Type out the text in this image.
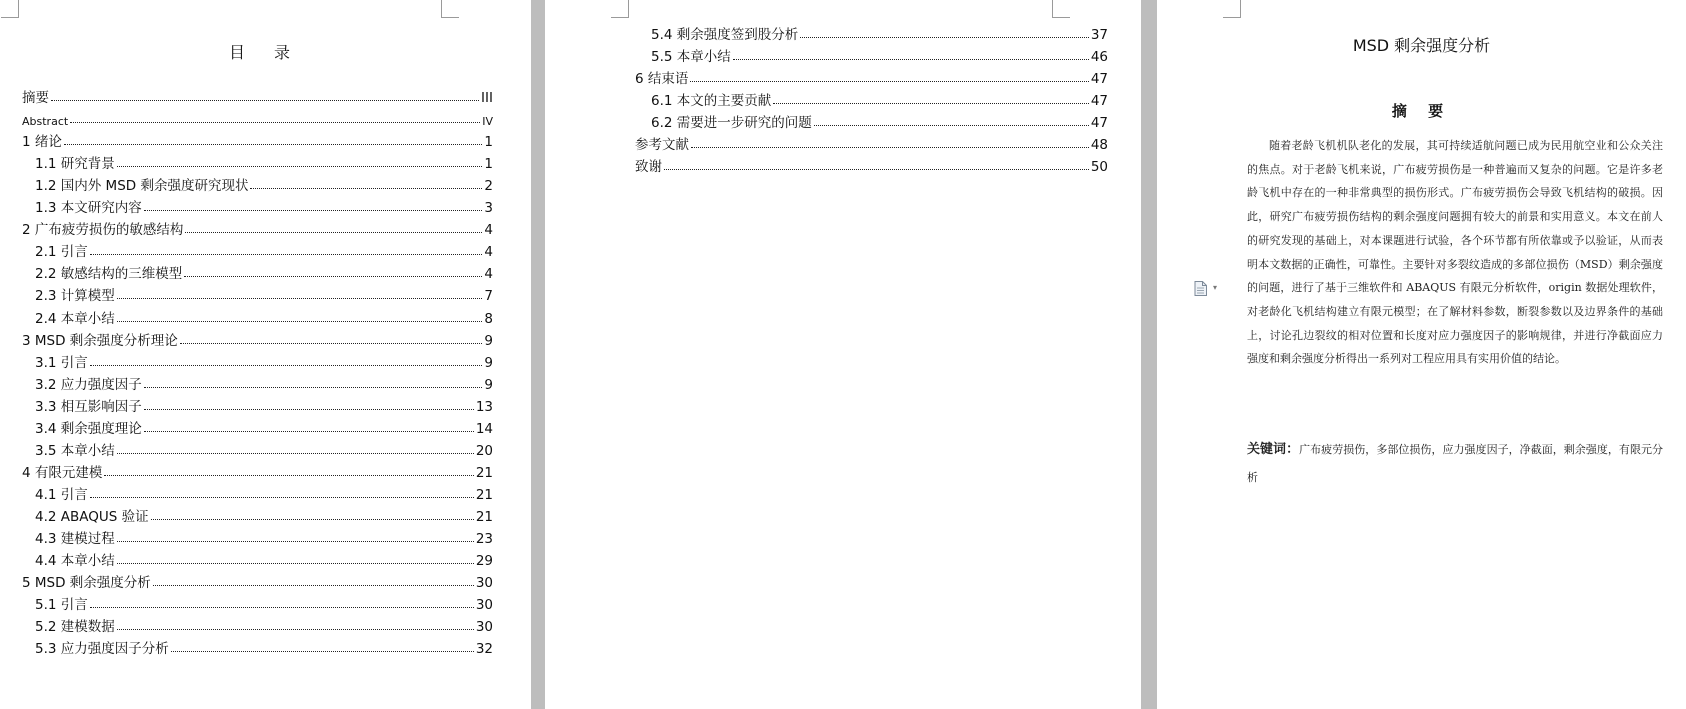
目 录
摘要	III
Abstract	IV
1 绪论	1
1.1 研究背景	1
1.2 国内外 MSD 剩余强度研究现状	2
1.3 本文研究内容	3
2 广布疲劳损伤的敏感结构	4
2.1 引言	4
2.2 敏感结构的三维模型	4
2.3 计算模型	7
2.4 本章小结	8
3 MSD 剩余强度分析理论	9
3.1 引言	9
3.2 应力强度因子	9
3.3 相互影响因子	13
3.4 剩余强度理论	14
3.5 本章小结	20
4 有限元建模	21
4.1 引言	21
4.2 ABAQUS 验证	21
4.3 建模过程	23
4.4 本章小结	29
5 MSD 剩余强度分析	30
5.1 引言	30
5.2 建模数据	30
5.3 应力强度因子分析	32
5.4 剩余强度签到股分析	37
5.5 本章小结	46
6 结束语	47
6.1 本文的主要贡献	47
6.2 需要进一步研究的问题	47
参考文献	48
致谢	50
MSD 剩余强度分析
摘 要
随着老龄飞机机队老化的发展，其可持续适航问题已成为民用航空业和公众关注的焦点。对于老龄飞机来说，广布疲劳损伤是一种普遍而又复杂的问题。它是许多老龄飞机中存在的一种非常典型的损伤形式。广布疲劳损伤会导致飞机结构的破损。因此，研究广布疲劳损伤结构的剩余强度问题拥有较大的前景和实用意义。本文在前人的研究发现的基础上，对本课题进行试验，各个环节都有所依靠或予以验证，从而表明本文数据的正确性，可靠性。主要针对多裂纹造成的多部位损伤（MSD）剩余强度的问题，进行了基于三维软件和 ABAQUS 有限元分析软件，origin 数据处理软件，对老龄化飞机结构建立有限元模型；在了解材料参数，断裂参数以及边界条件的基础上，讨论孔边裂纹的相对位置和长度对应力强度因子的影响规律，并进行净截面应力强度和剩余强度分析得出一系列对工程应用具有实用价值的结论。
关键词：广布疲劳损伤，多部位损伤，应力强度因子，净截面，剩余强度，有限元分析
▾
